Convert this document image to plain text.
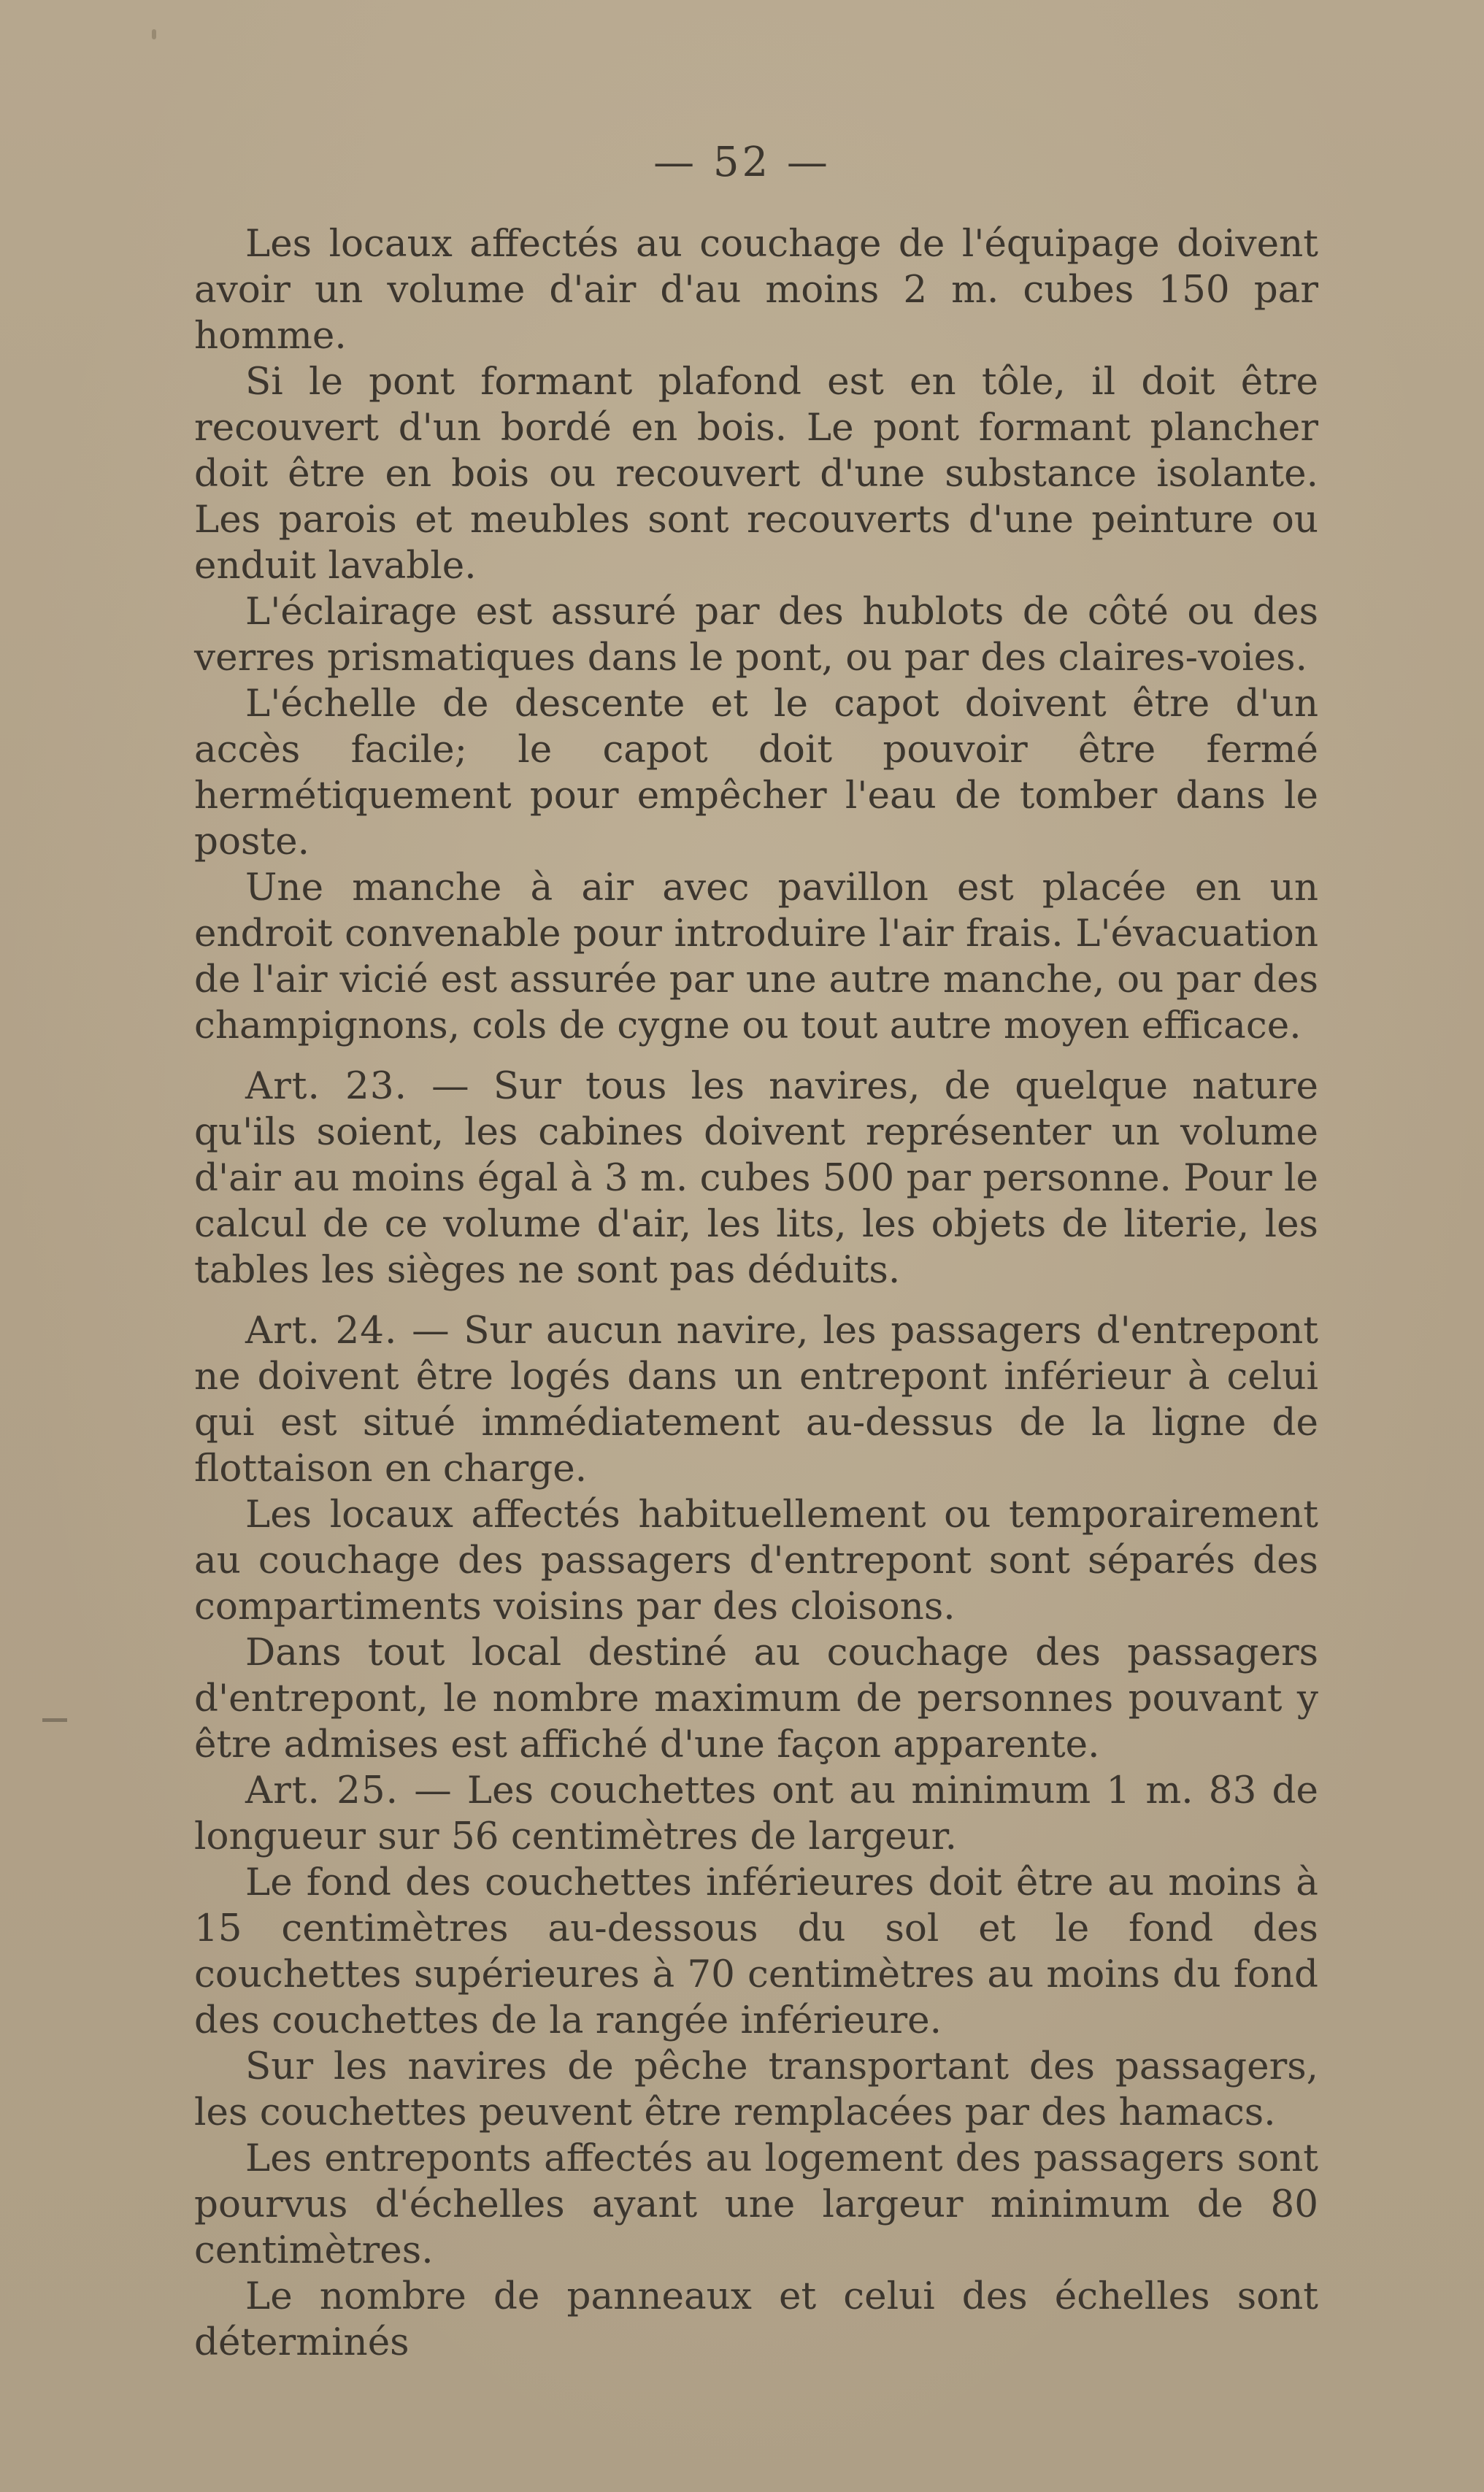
— 52 —

Les locaux affectés au couchage de l'équipage doivent avoir un volume d'air d'au moins 2 m. cubes 150 par homme.

Si le pont formant plafond est en tôle, il doit être recouvert d'un bordé en bois. Le pont formant plancher doit être en bois ou recouvert d'une substance isolante. Les parois et meubles sont recouverts d'une peinture ou enduit lavable.

L'éclairage est assuré par des hublots de côté ou des verres prismatiques dans le pont, ou par des claires-voies.

L'échelle de descente et le capot doivent être d'un accès facile; le capot doit pouvoir être fermé hermétiquement pour empêcher l'eau de tomber dans le poste.

Une manche à air avec pavillon est placée en un endroit convenable pour introduire l'air frais. L'évacuation de l'air vicié est assurée par une autre manche, ou par des champignons, cols de cygne ou tout autre moyen efficace.

Art. 23. — Sur tous les navires, de quelque nature qu'ils soient, les cabines doivent représenter un volume d'air au moins égal à 3 m. cubes 500 par personne. Pour le calcul de ce volume d'air, les lits, les objets de literie, les tables les sièges ne sont pas déduits.

Art. 24. — Sur aucun navire, les passagers d'entrepont ne doivent être logés dans un entrepont inférieur à celui qui est situé immédiatement au-dessus de la ligne de flottaison en charge.

Les locaux affectés habituellement ou temporairement au couchage des passagers d'entrepont sont séparés des compartiments voisins par des cloisons.

Dans tout local destiné au couchage des passagers d'entrepont, le nombre maximum de personnes pouvant y être admises est affiché d'une façon apparente.

Art. 25. — Les couchettes ont au minimum 1 m. 83 de longueur sur 56 centimètres de largeur.

Le fond des couchettes inférieures doit être au moins à 15 centimètres au-dessous du sol et le fond des couchettes supérieures à 70 centimètres au moins du fond des couchettes de la rangée inférieure.

Sur les navires de pêche transportant des passagers, les couchettes peuvent être remplacées par des hamacs.

Les entreponts affectés au logement des passagers sont pourvus d'échelles ayant une largeur minimum de 80 centimètres.

Le nombre de panneaux et celui des échelles sont déterminés
